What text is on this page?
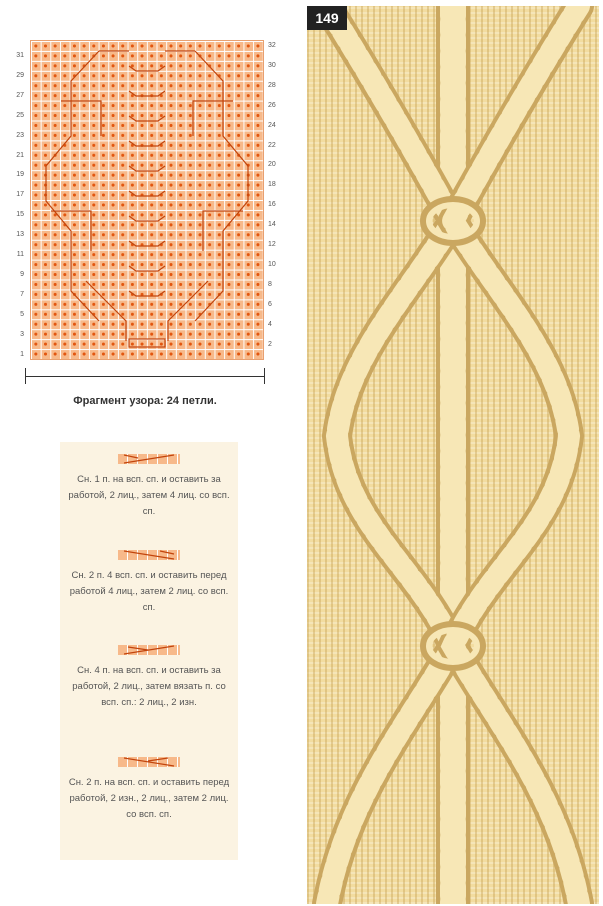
Фрагмент узора: 24 петли.
Сн. 1 п. на всп. сп. и оставить за работой, 2 лиц., затем 4 лиц. со всп. сп.
Сн. 2 п. 4 всп. сп. и оставить перед работой 4 лиц., затем 2 лиц. со всп. сп.
Сн. 4 п. на всп. сп. и оставить за работой, 2 лиц., затем вязать п. со всп. сп.: 2 лиц., 2 изн.
Сн. 2 п. на всп. сп. и оставить перед работой, 2 изн., 2 лиц., затем 2 лиц. со всп. сп.
149
31
29
27
25
23
21
19
17
15
13
11
9
7
5
3
1
32
30
28
26
24
22
20
18
16
14
12
10
8
6
4
2
